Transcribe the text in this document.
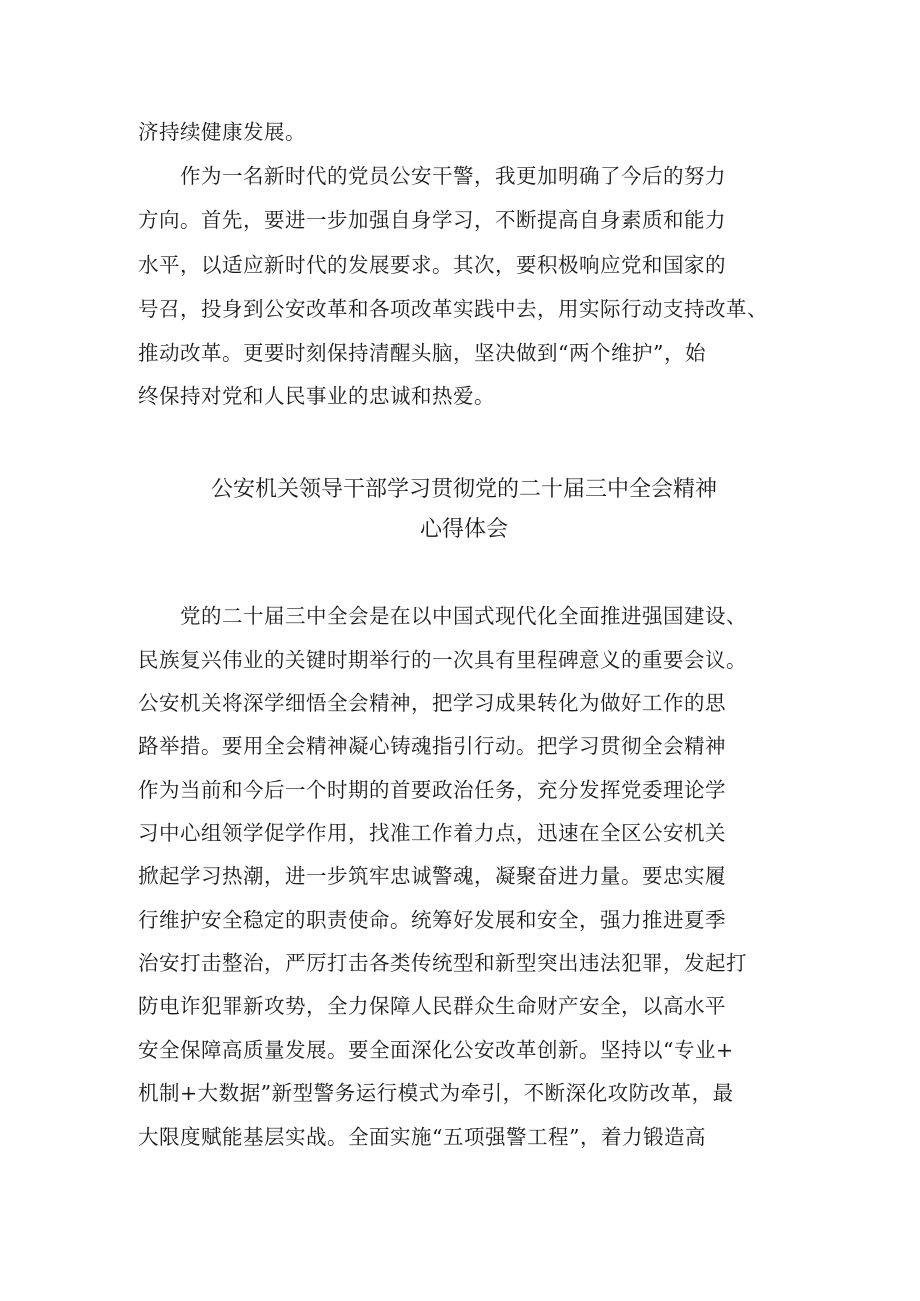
济持续健康发展。
　　作为一名新时代的党员公安干警，我更加明确了今后的努力
方向。首先，要进一步加强自身学习，不断提高自身素质和能力
水平，以适应新时代的发展要求。其次，要积极响应党和国家的
号召，投身到公安改革和各项改革实践中去，用实际行动支持改革、
推动改革。更要时刻保持清醒头脑，坚决做到“两个维护”，始
终保持对党和人民事业的忠诚和热爱。
公安机关领导干部学习贯彻党的二十届三中全会精神
心得体会
　　党的二十届三中全会是在以中国式现代化全面推进强国建设、
民族复兴伟业的关键时期举行的一次具有里程碑意义的重要会议。
公安机关将深学细悟全会精神，把学习成果转化为做好工作的思
路举措。要用全会精神凝心铸魂指引行动。把学习贯彻全会精神
作为当前和今后一个时期的首要政治任务，充分发挥党委理论学
习中心组领学促学作用，找准工作着力点，迅速在全区公安机关
掀起学习热潮，进一步筑牢忠诚警魂，凝聚奋进力量。要忠实履
行维护安全稳定的职责使命。统筹好发展和安全，强力推进夏季
治安打击整治，严厉打击各类传统型和新型突出违法犯罪，发起打
防电诈犯罪新攻势，全力保障人民群众生命财产安全，以高水平
安全保障高质量发展。要全面深化公安改革创新。坚持以“专业+
机制+大数据”新型警务运行模式为牵引，不断深化攻防改革，最
大限度赋能基层实战。全面实施“五项强警工程”，着力锻造高
